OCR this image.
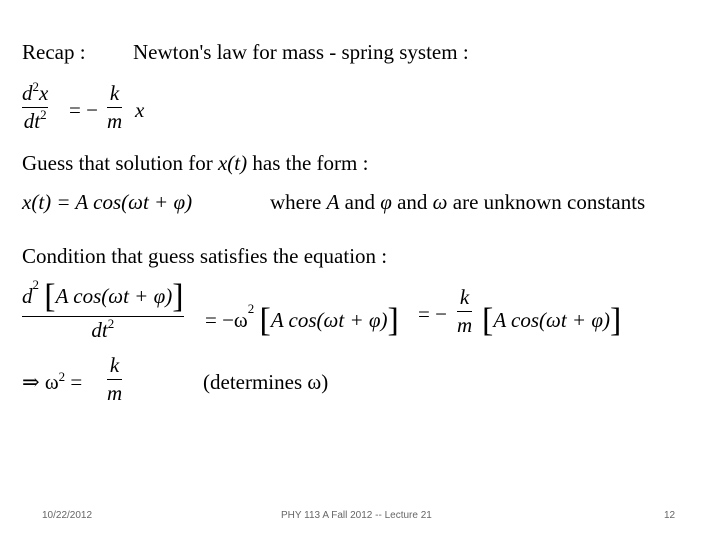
Recap : Newton's law for mass - spring system :
$d^2x$
$dt^2$ = −
k
m x
Guess that solution for x(t) has the form :
x(t) = A cos(ωt + φ)	where A and φ and ω are unknown constants
Condition that guess satisfies the equation :
$d^2$ [A cos(ωt + φ)]
$dt^2$	= $-\omega^2$ [A cos(ωt + φ)] = −
k
m [A cos(ωt + φ)]
⇒ $\omega^2$ =
k
m	(determines ω)
10/22/2012	PHY 113 A Fall 2012 -- Lecture 21	12
